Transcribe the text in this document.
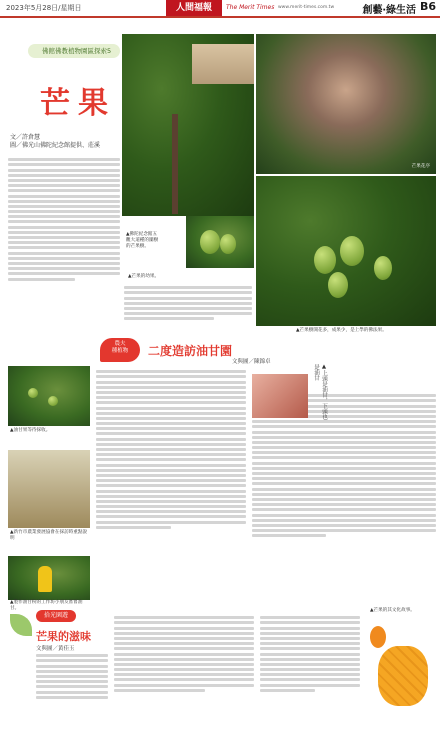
2023年5月28日/星期日	人間福報	The Merit Times www.merit-times.com.tw	創藝‧綠生活 B6
佛館佛教植物園區探索5
芒果
文／許倉慧
圖／佛光山佛陀紀念館提供、莊溪
▲佛陀紀念館五
觀大道種的團樹
的芒果樹。
▲芒果的幼果。
芒果花序
▲芒果樹開花多，成果少，是上學的佛法果。
農夫
種植物	二度造訪油甘園
文與圖／陳錦卓
▲油甘果等待採收。
▲新竹市農業發展協會在採訪時重點說明
▲製作油甘粉的工作坊小朋友嘗嘗油甘。
▲上頭是油甘，下頭也是油甘
拾光園遊
芒果的滋味
文與圖／黃佳玉
▲芒果的其文化故事。
